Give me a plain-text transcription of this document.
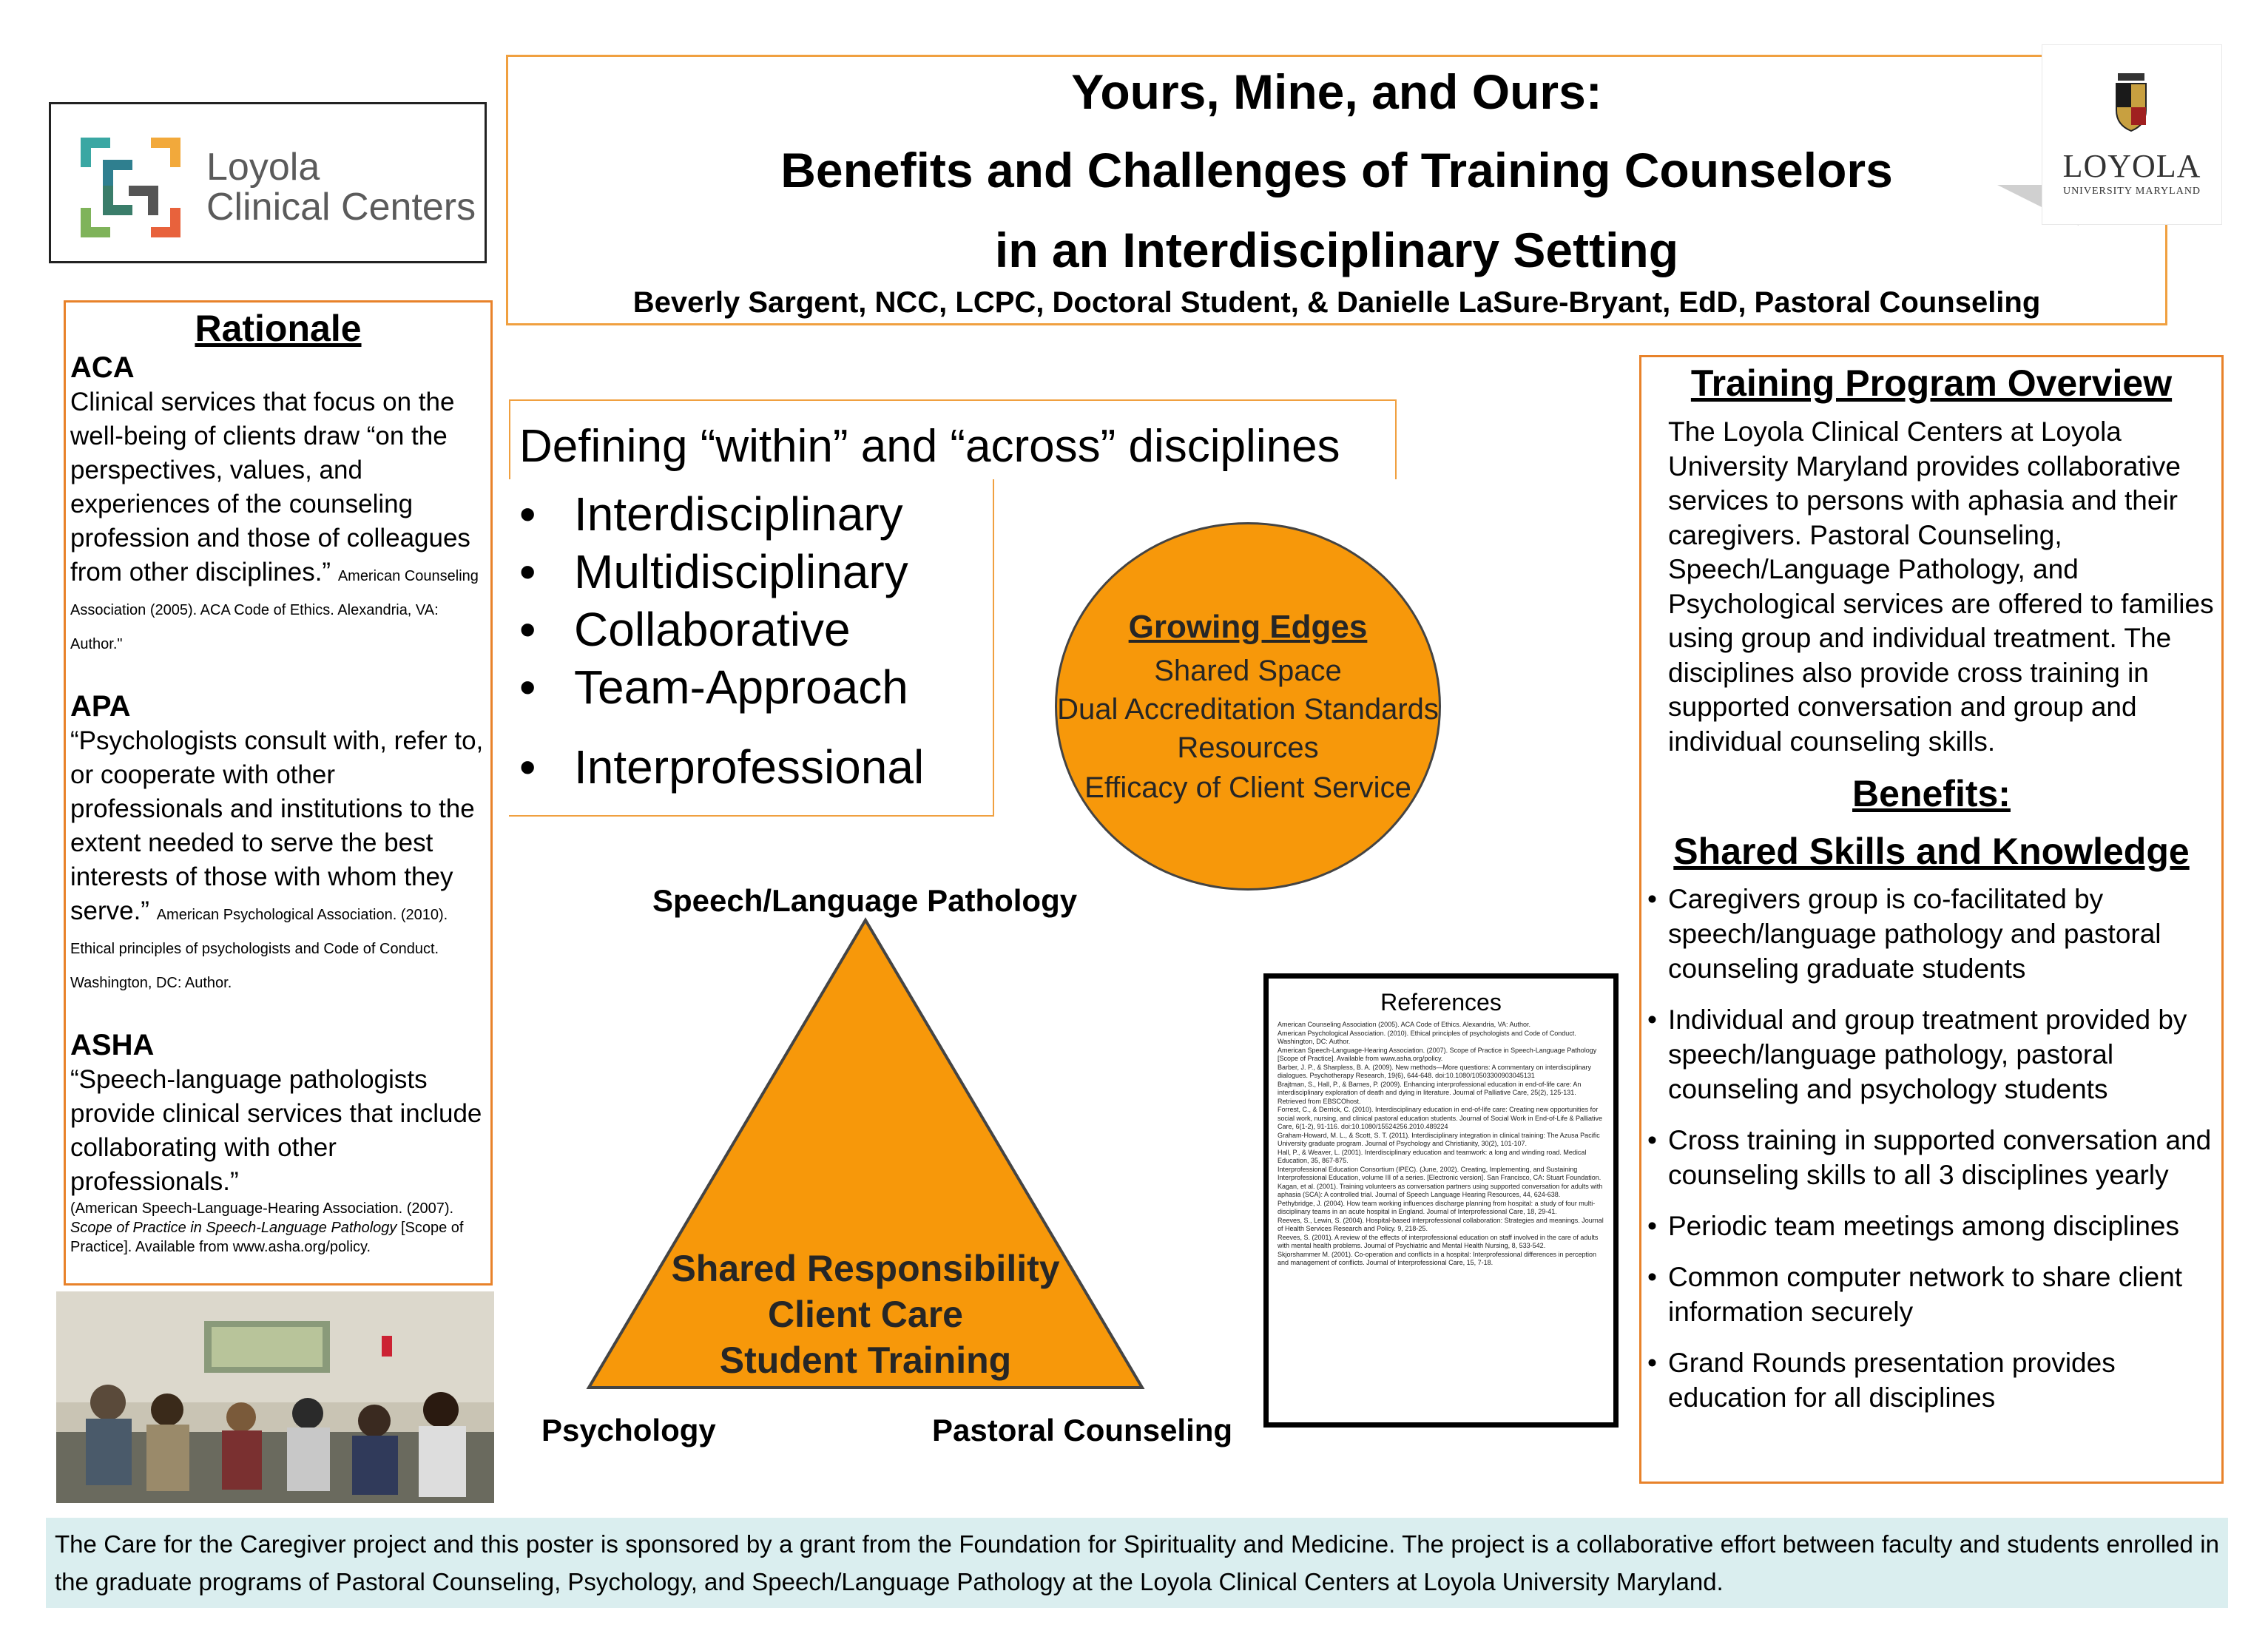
Loyola
Clinical Centers
Yours, Mine, and Ours:
Benefits and Challenges of Training Counselors
in an Interdisciplinary Setting
Beverly Sargent, NCC, LCPC, Doctoral Student, & Danielle LaSure-Bryant, EdD, Pastoral Counseling
LOYOLA
UNIVERSITY MARYLAND
Rationale
ACA
Clinical services that focus on the well-being of clients draw “on the perspectives, values, and experiences of the counseling profession and those of colleagues from other disciplines.” American Counseling Association (2005). ACA Code of Ethics. Alexandria, VA: Author."
APA
“Psychologists consult with, refer to, or cooperate with other professionals and institutions to the extent needed to serve the best interests of those with whom they serve.” American Psychological Association. (2010). Ethical principles of psychologists and Code of Conduct. Washington, DC: Author.
ASHA
“Speech-language pathologists provide clinical services that include collaborating with other professionals.”
(American Speech-Language-Hearing Association. (2007). Scope of Practice in Speech-Language Pathology [Scope of Practice]. Available from www.asha.org/policy.
Defining “within” and “across” disciplines
• Interdisciplinary
• Multidisciplinary
• Collaborative
• Team-Approach
• Interprofessional
Growing Edges
Shared Space
Dual Accreditation Standards
Resources
Efficacy of Client Service
Speech/Language Pathology
Shared Responsibility
Client Care
Student Training
Psychology	Pastoral Counseling
References
American Counseling Association (2005). ACA Code of Ethics. Alexandria, VA: Author.
American Psychological Association. (2010). Ethical principles of psychologists and Code of Conduct. Washington, DC: Author.
American Speech-Language-Hearing Association. (2007). Scope of Practice in Speech-Language Pathology [Scope of Practice]. Available from www.asha.org/policy.
Barber, J. P., & Sharpless, B. A. (2009). New methods—More questions: A commentary on interdisciplinary dialogues. Psychotherapy Research, 19(6), 644-648. doi:10.1080/10503300903045131
Brajtman, S., Hall, P., & Barnes, P. (2009). Enhancing interprofessional education in end-of-life care: An interdisciplinary exploration of death and dying in literature. Journal of Palliative Care, 25(2), 125-131. Retrieved from EBSCOhost.
Forrest, C., & Derrick, C. (2010). Interdisciplinary education in end-of-life care: Creating new opportunities for social work, nursing, and clinical pastoral education students. Journal of Social Work in End-of-Life & Palliative Care, 6(1-2), 91-116. doi:10.1080/15524256.2010.489224
Graham-Howard, M. L., & Scott, S. T. (2011). Interdisciplinary integration in clinical training: The Azusa Pacific University graduate program. Journal of Psychology and Christianity, 30(2), 101-107.
Hall, P., & Weaver, L. (2001). Interdisciplinary education and teamwork: a long and winding road. Medical Education, 35, 867-875.
Interprofessional Education Consortium (IPEC). (June, 2002). Creating, Implementing, and Sustaining Interprofessional Education, volume III of a series. [Electronic version]. San Francisco, CA: Stuart Foundation.
Kagan, et al. (2001). Training volunteers as conversation partners using supported conversation for adults with aphasia (SCA): A controlled trial. Journal of Speech Language Hearing Resources, 44, 624-638.
Pethybridge, J. (2004). How team working influences discharge planning from hospital: a study of four multi-disciplinary teams in an acute hospital in England. Journal of Interprofessional Care, 18, 29-41.
Reeves, S., Lewin, S. (2004). Hospital-based interprofessional collaboration: Strategies and meanings. Journal of Health Services Research and Policy. 9, 218-25.
Reeves, S. (2001). A review of the effects of interprofessional education on staff involved in the care of adults with mental health problems. Journal of Psychiatric and Mental Health Nursing, 8, 533-542.
Skjorshammer M. (2001). Co-operation and conflicts in a hospital: Interprofessional differences in perception and management of conflicts. Journal of Interprofessional Care, 15, 7-18.
Training Program Overview
The Loyola Clinical Centers at Loyola University Maryland provides collaborative services to persons with aphasia and their caregivers. Pastoral Counseling, Speech/Language Pathology, and Psychological services are offered to families using group and individual treatment. The disciplines also provide cross training in supported conversation and group and individual counseling skills.
Benefits:
Shared Skills and Knowledge
• Caregivers group is co-facilitated by speech/language pathology and pastoral counseling graduate students
• Individual and group treatment provided by speech/language pathology, pastoral counseling and psychology students
• Cross training in supported conversation and counseling skills to all 3 disciplines yearly
• Periodic team meetings among disciplines
• Common computer network to share client information securely
• Grand Rounds presentation provides education for all disciplines
The Care for the Caregiver project and this poster is sponsored by a grant from the Foundation for Spirituality and Medicine. The project is a collaborative effort between faculty and students enrolled in the graduate programs of Pastoral Counseling, Psychology, and Speech/Language Pathology at the Loyola Clinical Centers at Loyola University Maryland.
